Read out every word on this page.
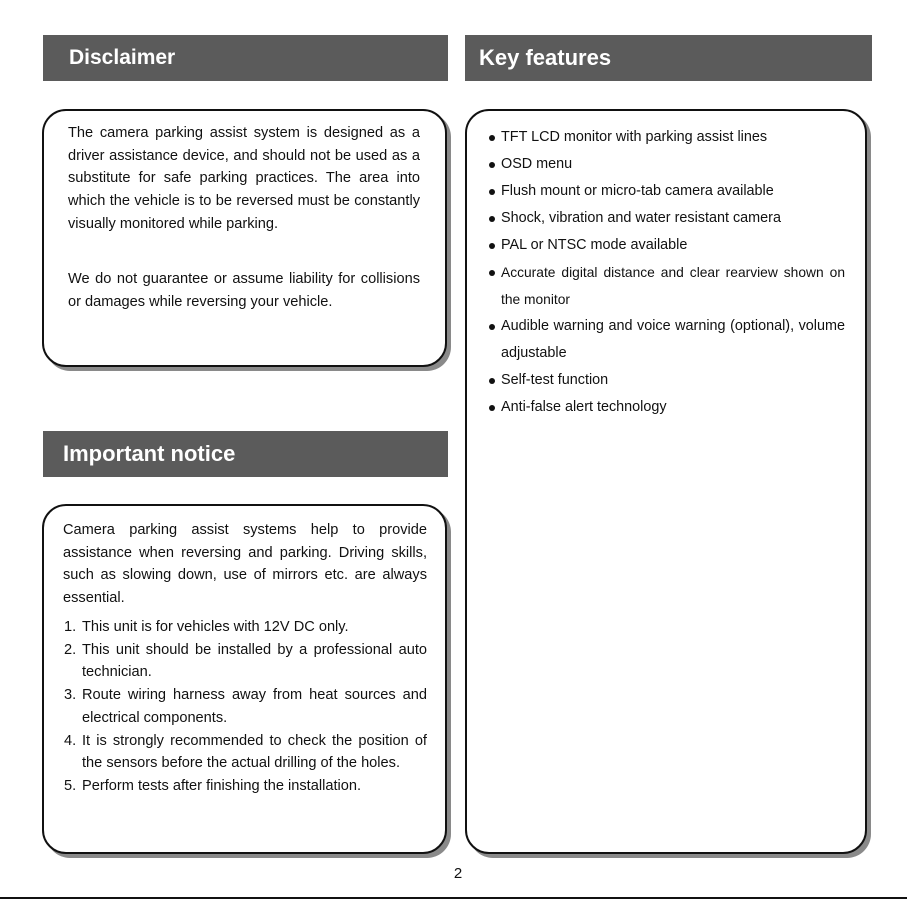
Disclaimer

The camera parking assist system is designed as a driver assistance device, and should not be used as a substitute for safe parking practices. The area into which the vehicle is to be reversed must be constantly visually monitored while parking.

We do not guarantee or assume liability for collisions or damages while reversing your vehicle.

Important notice

Camera parking assist systems help to provide assistance when reversing and parking. Driving skills, such as slowing down, use of mirrors etc. are always essential.

1. This unit is for vehicles with 12V DC only.
2. This unit should be installed by a professional auto technician.
3. Route wiring harness away from heat sources and electrical components.
4. It is strongly recommended to check the position of the sensors before the actual drilling of the holes.
5. Perform tests after finishing the installation.
Key features
TFT LCD monitor with parking assist lines
OSD menu
Flush mount or micro-tab camera available
Shock, vibration and water resistant camera
PAL or NTSC mode available
Accurate digital distance and clear rearview shown on the monitor
Audible warning and voice warning (optional), volume adjustable
Self-test function
Anti-false alert technology
2
